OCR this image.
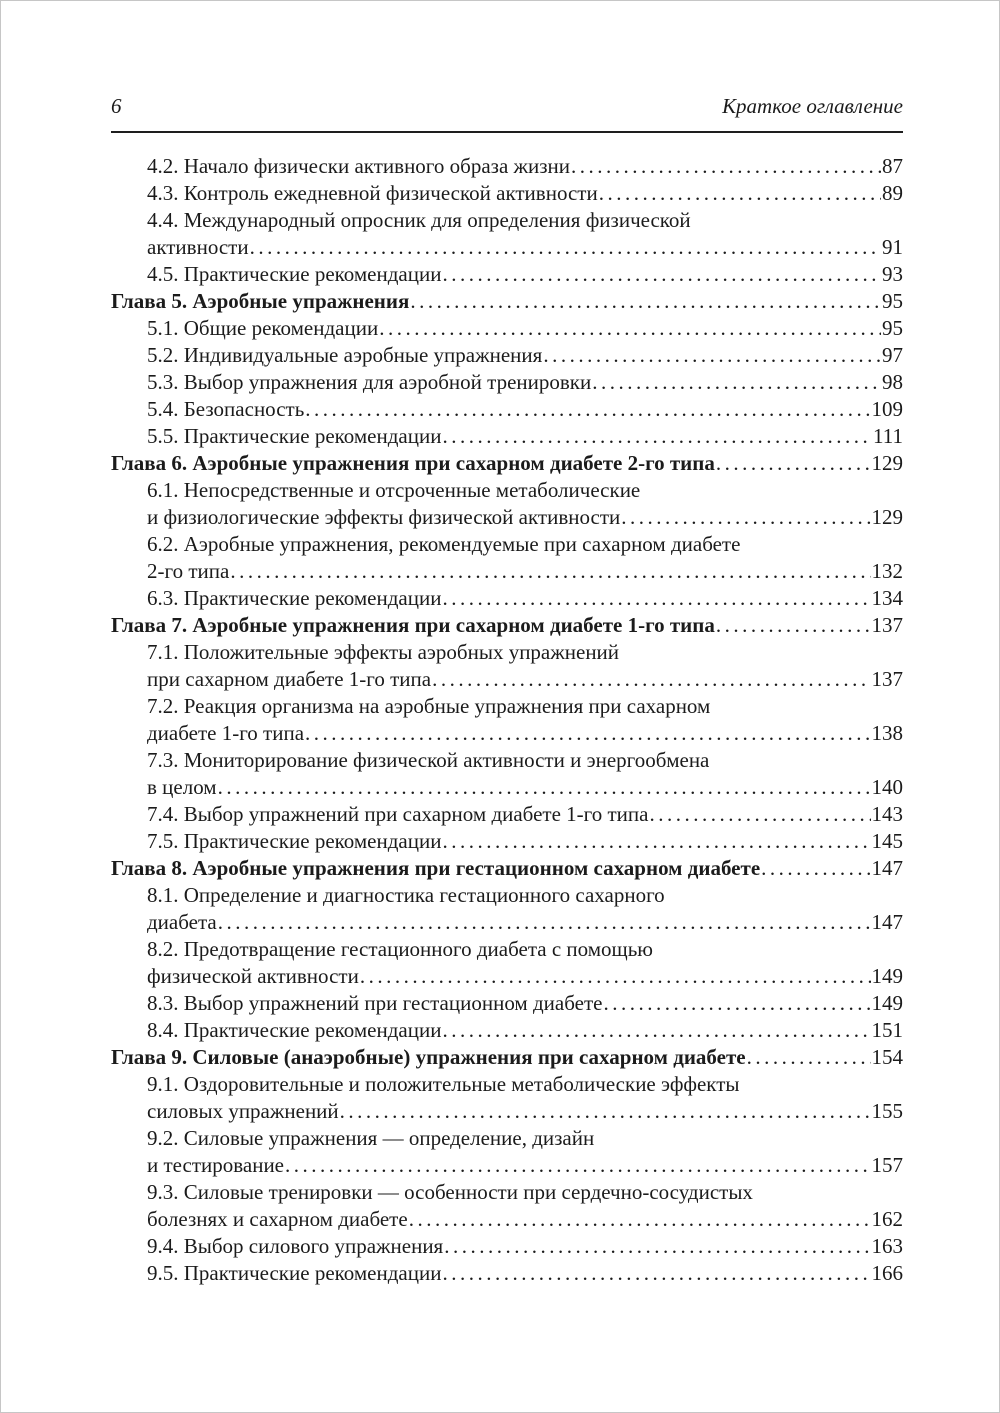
6	Краткое оглавление
4.2. Начало физически активного образа жизни .....	87
4.3. Контроль ежедневной физической активности .....	89
4.4. Международный опросник для определения физической
активности .....	91
4.5. Практические рекомендации .....	93
Глава 5. Аэробные упражнения .....	95
5.1. Общие рекомендации .....	95
5.2. Индивидуальные аэробные упражнения .....	97
5.3. Выбор упражнения для аэробной тренировки .....	98
5.4. Безопасность .....	109
5.5. Практические рекомендации .....	111
Глава 6. Аэробные упражнения при сахарном диабете 2-го типа .....	129
6.1. Непосредственные и отсроченные метаболические
и физиологические эффекты физической активности .....	129
6.2. Аэробные упражнения, рекомендуемые при сахарном диабете
2-го типа .....	132
6.3. Практические рекомендации .....	134
Глава 7. Аэробные упражнения при сахарном диабете 1-го типа .....	137
7.1. Положительные эффекты аэробных упражнений
при сахарном диабете 1-го типа .....	137
7.2. Реакция организма на аэробные упражнения при сахарном
диабете 1-го типа .....	138
7.3. Мониторирование физической активности и энергообмена
в целом .....	140
7.4. Выбор упражнений при сахарном диабете 1-го типа .....	143
7.5. Практические рекомендации .....	145
Глава 8. Аэробные упражнения при гестационном сахарном диабете .....	147
8.1. Определение и диагностика гестационного сахарного
диабета .....	147
8.2. Предотвращение гестационного диабета с помощью
физической активности .....	149
8.3. Выбор упражнений при гестационном диабете .....	149
8.4. Практические рекомендации .....	151
Глава 9. Силовые (анаэробные) упражнения при сахарном диабете .....	154
9.1. Оздоровительные и положительные метаболические эффекты
силовых упражнений .....	155
9.2. Силовые упражнения — определение, дизайн
и тестирование .....	157
9.3. Силовые тренировки — особенности при сердечно-сосудистых
болезнях и сахарном диабете .....	162
9.4. Выбор силового упражнения .....	163
9.5. Практические рекомендации .....	166
